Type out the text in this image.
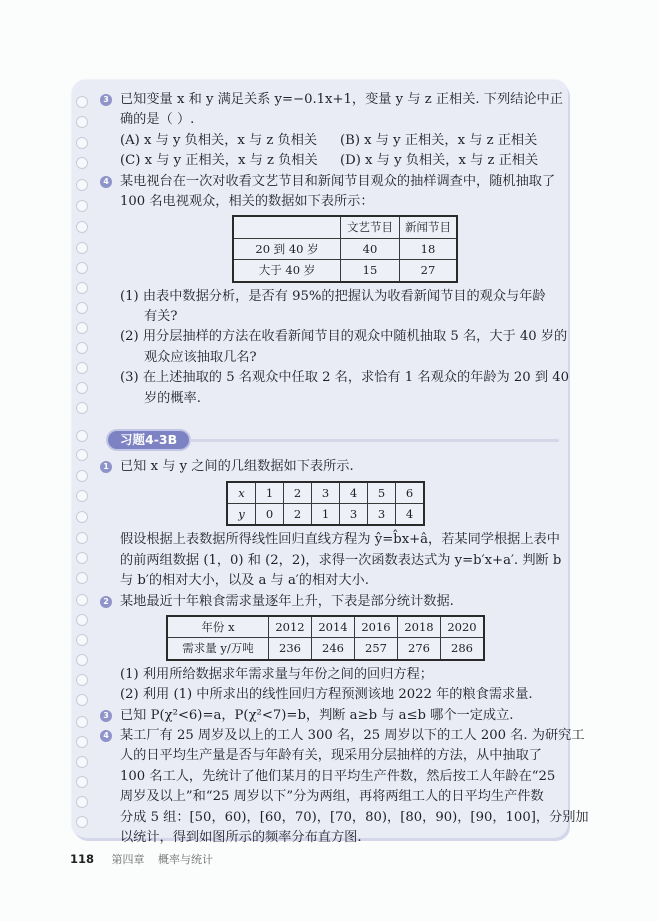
3 已知变量 x 和 y 满足关系 y=−0.1x+1，变量 y 与 z 正相关. 下列结论中正
确的是（ ）.
(A) x 与 y 负相关，x 与 z 负相关	(B) x 与 y 正相关，x 与 z 正相关
(C) x 与 y 正相关，x 与 z 负相关	(D) x 与 y 负相关，x 与 z 正相关
4 某电视台在一次对收看文艺节目和新闻节目观众的抽样调查中，随机抽取了
100 名电视观众，相关的数据如下表所示：
	文艺节目	新闻节目
20 到 40 岁	40	18
大于 40 岁	15	27
(1) 由表中数据分析，是否有 95%的把握认为收看新闻节目的观众与年龄
有关?
(2) 用分层抽样的方法在收看新闻节目的观众中随机抽取 5 名，大于 40 岁的
观众应该抽取几名?
(3) 在上述抽取的 5 名观众中任取 2 名，求恰有 1 名观众的年龄为 20 到 40
岁的概率.
习题4-3B
1 已知 x 与 y 之间的几组数据如下表所示.
x	1	2	3	4	5	6
y	0	2	1	3	3	4
假设根据上表数据所得线性回归直线方程为 ŷ=b̂x+â，若某同学根据上表中
的前两组数据 (1，0) 和 (2，2)，求得一次函数表达式为 y=b′x+a′. 判断 b
与 b′的相对大小，以及 a 与 a′的相对大小.
2 某地最近十年粮食需求量逐年上升，下表是部分统计数据.
年份 x	2012	2014	2016	2018	2020
需求量 y/万吨	236	246	257	276	286
(1) 利用所给数据求年需求量与年份之间的回归方程；
(2) 利用 (1) 中所求出的线性回归方程预测该地 2022 年的粮食需求量.
3 已知 P(χ²<6)=a，P(χ²<7)=b，判断 a≥b 与 a≤b 哪个一定成立.
4 某工厂有 25 周岁及以上的工人 300 名，25 周岁以下的工人 200 名. 为研究工
人的日平均生产量是否与年龄有关，现采用分层抽样的方法，从中抽取了
100 名工人，先统计了他们某月的日平均生产件数，然后按工人年龄在“25
周岁及以上”和“25 周岁以下”分为两组，再将两组工人的日平均生产件数
分成 5 组：[50，60)，[60，70)，[70，80)，[80，90)，[90，100]，分别加
以统计，得到如图所示的频率分布直方图.
118 第四章 概率与统计
